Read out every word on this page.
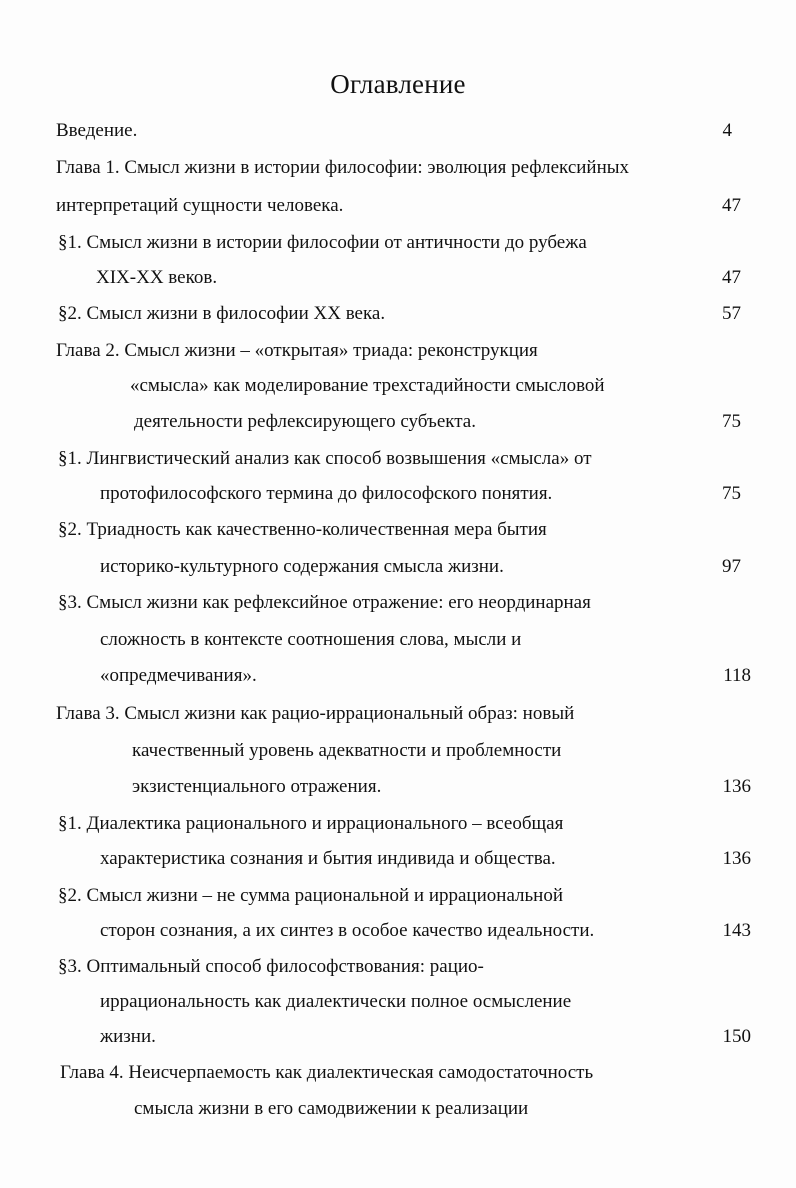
Оглавление
Введение.	4
Глава 1. Смысл жизни в истории философии: эволюция рефлексийных
интерпретаций сущности человека.	47
§1. Смысл жизни в истории философии от античности до рубежа
XIX-XX веков.	47
§2. Смысл жизни в философии XX века.	57
Глава 2. Смысл жизни – «открытая» триада: реконструкция
«смысла» как моделирование трехстадийности смысловой
деятельности рефлексирующего субъекта.	75
§1. Лингвистический анализ как способ возвышения «смысла» от
протофилософского термина до философского понятия.	75
§2. Триадность как качественно-количественная мера бытия
историко-культурного содержания смысла жизни.	97
§3. Смысл жизни как рефлексийное отражение: его неординарная
сложность в контексте соотношения слова, мысли и
«опредмечивания».	118
Глава 3. Смысл жизни как рацио-иррациональный образ: новый
качественный уровень адекватности и проблемности
экзистенциального отражения.	136
§1. Диалектика рационального и иррационального – всеобщая
характеристика сознания и бытия индивида и общества.	136
§2. Смысл жизни – не сумма рациональной и иррациональной
сторон сознания, а их синтез в особое качество идеальности.	143
§3. Оптимальный способ философствования: рацио-
иррациональность как диалектически полное осмысление
жизни.	150
Глава 4. Неисчерпаемость как диалектическая самодостаточность
смысла жизни в его самодвижении к реализации
